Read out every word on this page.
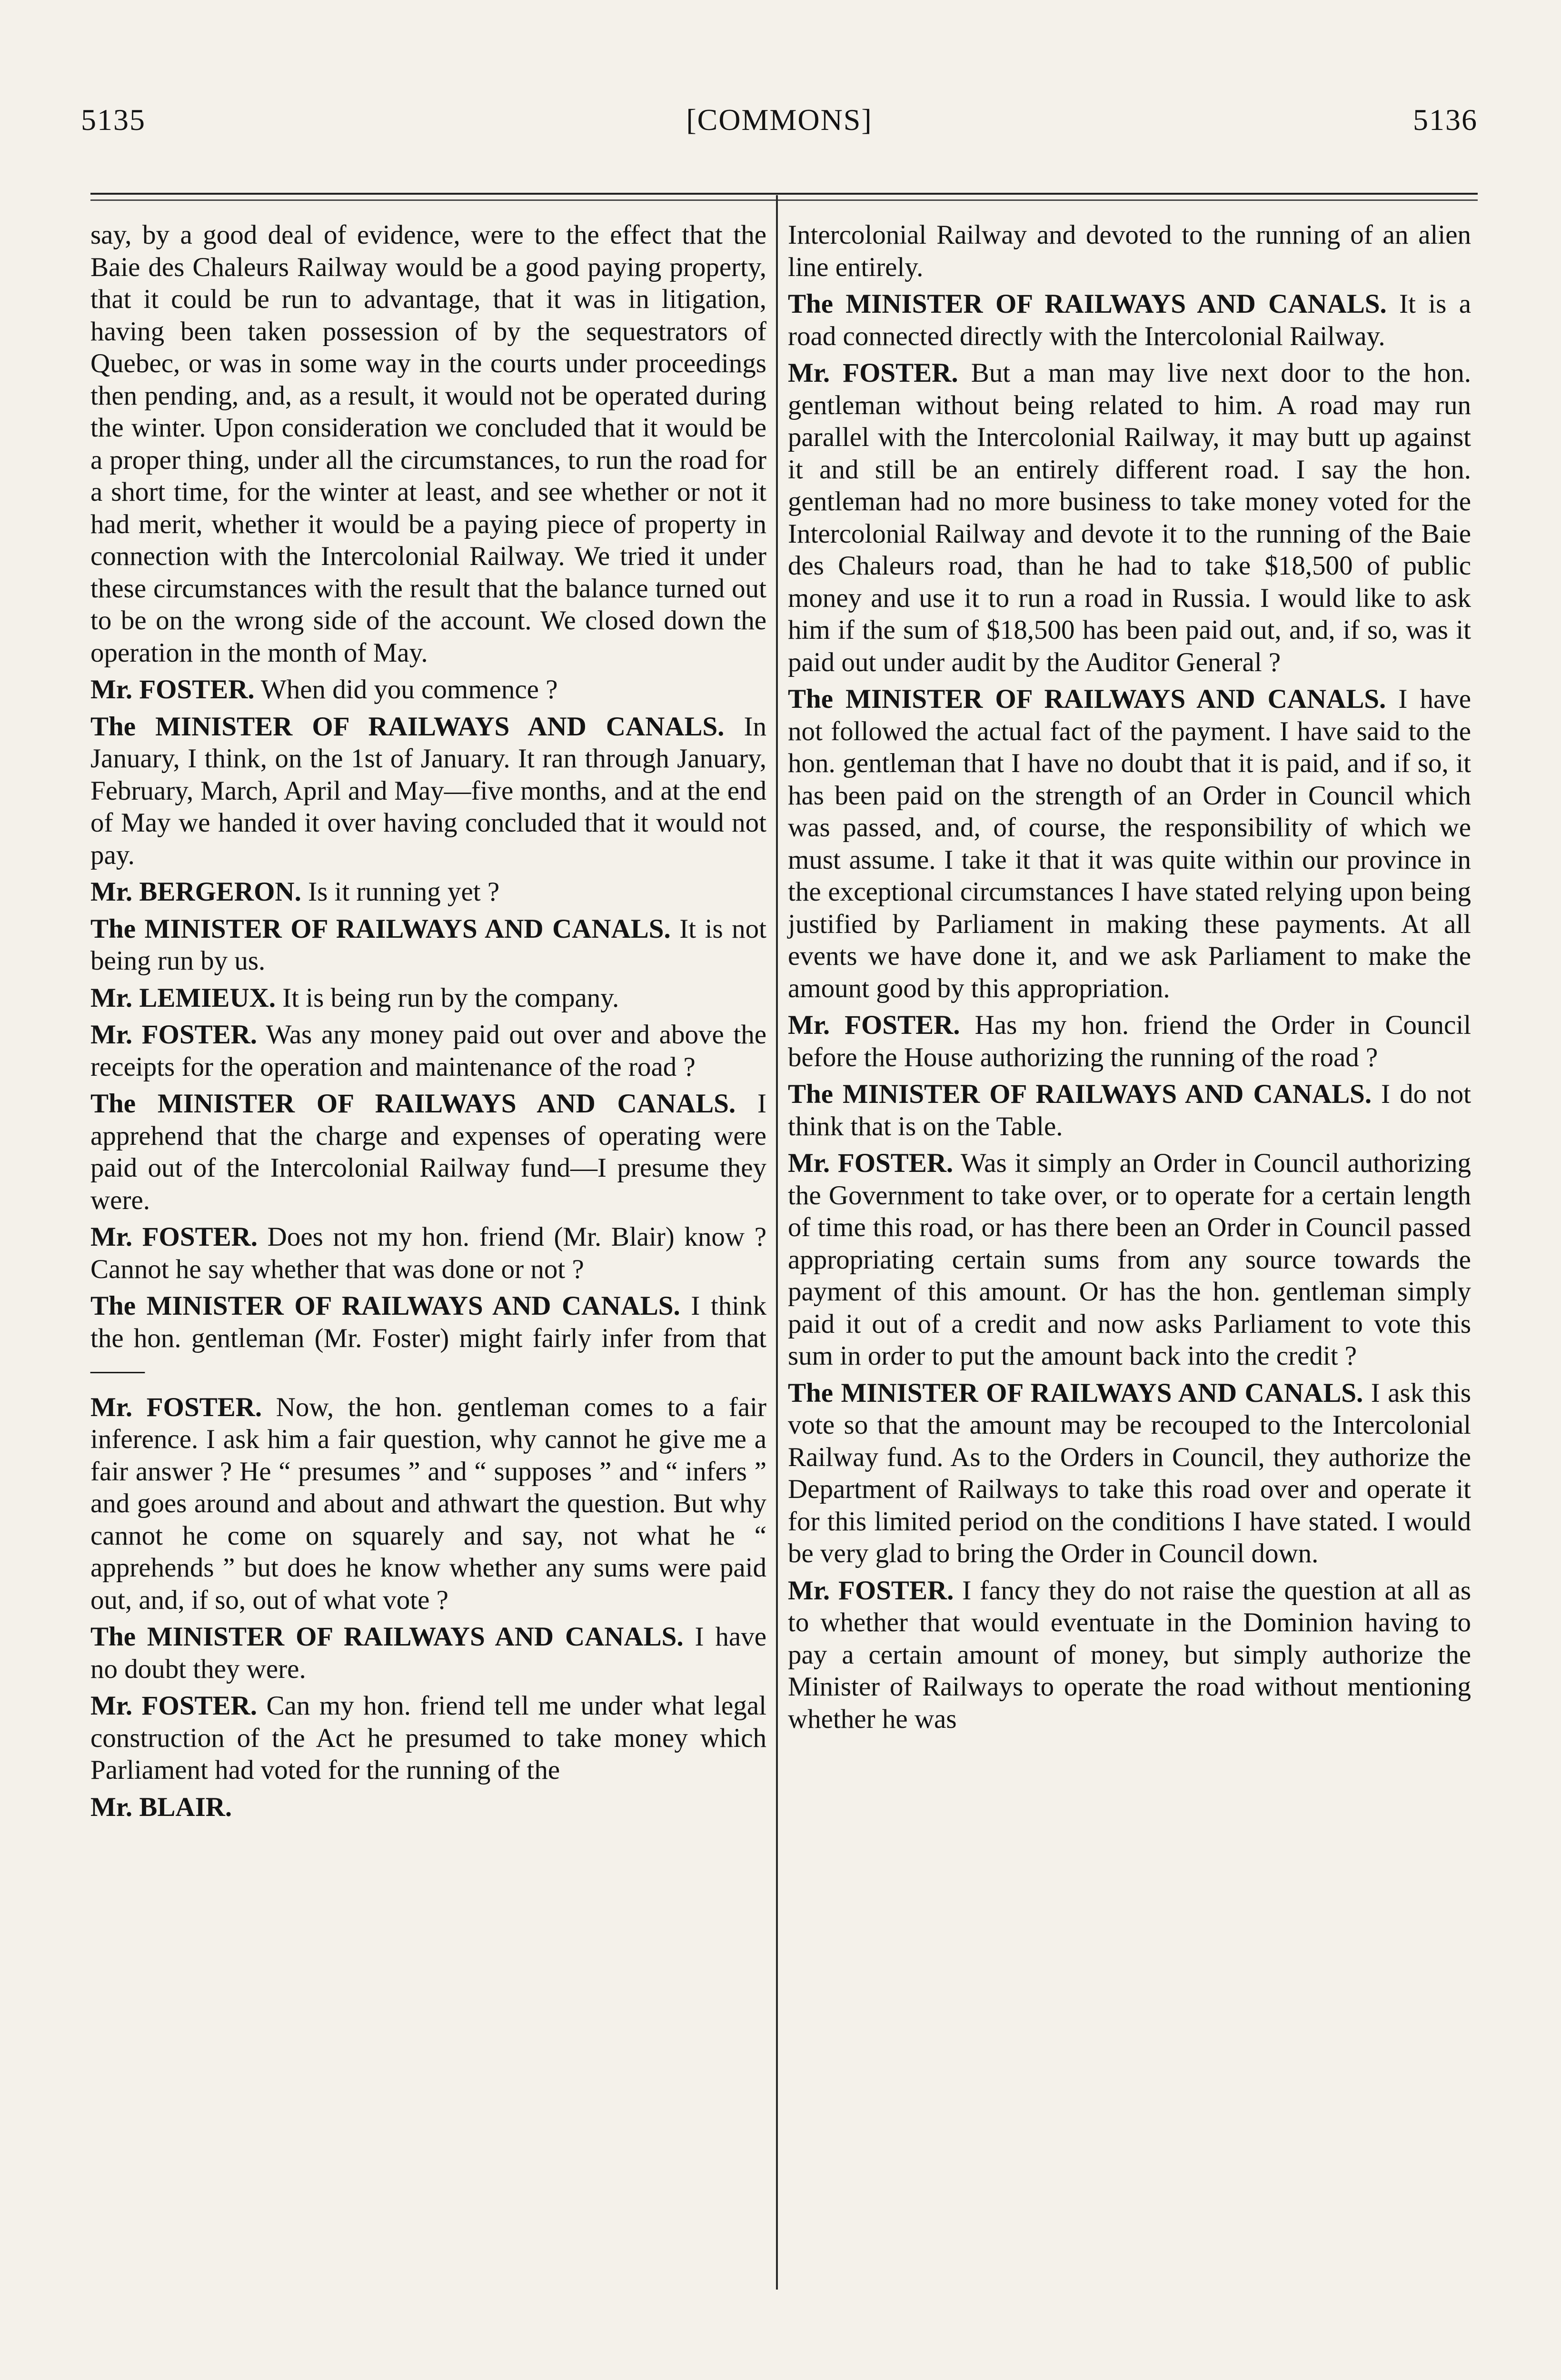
5135	[COMMONS]	5136

say, by a good deal of evidence, were to the effect that the Baie des Chaleurs Railway would be a good paying property, that it could be run to advantage, that it was in litigation, having been taken possession of by the sequestrators of Quebec, or was in some way in the courts under proceedings then pending, and, as a result, it would not be operated during the winter. Upon consideration we concluded that it would be a proper thing, under all the circumstances, to run the road for a short time, for the winter at least, and see whether or not it had merit, whether it would be a paying piece of property in connection with the Intercolonial Railway. We tried it under these circumstances with the result that the balance turned out to be on the wrong side of the account. We closed down the operation in the month of May.

Mr. FOSTER. When did you commence ?

The MINISTER OF RAILWAYS AND CANALS. In January, I think, on the 1st of January. It ran through January, February, March, April and May—five months, and at the end of May we handed it over having concluded that it would not pay.

Mr. BERGERON. Is it running yet ?

The MINISTER OF RAILWAYS AND CANALS. It is not being run by us.

Mr. LEMIEUX. It is being run by the company.

Mr. FOSTER. Was any money paid out over and above the receipts for the operation and maintenance of the road ?

The MINISTER OF RAILWAYS AND CANALS. I apprehend that the charge and expenses of operating were paid out of the Intercolonial Railway fund—I presume they were.

Mr. FOSTER. Does not my hon. friend (Mr. Blair) know ? Cannot he say whether that was done or not ?

The MINISTER OF RAILWAYS AND CANALS. I think the hon. gentleman (Mr. Foster) might fairly infer from that——

Mr. FOSTER. Now, the hon. gentleman comes to a fair inference. I ask him a fair question, why cannot he give me a fair answer ? He “ presumes ” and “ supposes ” and “ infers ” and goes around and about and athwart the question. But why cannot he come on squarely and say, not what he “ apprehends ” but does he know whether any sums were paid out, and, if so, out of what vote ?

The MINISTER OF RAILWAYS AND CANALS. I have no doubt they were.

Mr. FOSTER. Can my hon. friend tell me under what legal construction of the Act he presumed to take money which Parliament had voted for the running of the

Mr. BLAIR.

Intercolonial Railway and devoted to the running of an alien line entirely.

The MINISTER OF RAILWAYS AND CANALS. It is a road connected directly with the Intercolonial Railway.

Mr. FOSTER. But a man may live next door to the hon. gentleman without being related to him. A road may run parallel with the Intercolonial Railway, it may butt up against it and still be an entirely different road. I say the hon. gentleman had no more business to take money voted for the Intercolonial Railway and devote it to the running of the Baie des Chaleurs road, than he had to take $18,500 of public money and use it to run a road in Russia. I would like to ask him if the sum of $18,500 has been paid out, and, if so, was it paid out under audit by the Auditor General ?

The MINISTER OF RAILWAYS AND CANALS. I have not followed the actual fact of the payment. I have said to the hon. gentleman that I have no doubt that it is paid, and if so, it has been paid on the strength of an Order in Council which was passed, and, of course, the responsibility of which we must assume. I take it that it was quite within our province in the exceptional circumstances I have stated relying upon being justified by Parliament in making these payments. At all events we have done it, and we ask Parliament to make the amount good by this appropriation.

Mr. FOSTER. Has my hon. friend the Order in Council before the House authorizing the running of the road ?

The MINISTER OF RAILWAYS AND CANALS. I do not think that is on the Table.

Mr. FOSTER. Was it simply an Order in Council authorizing the Government to take over, or to operate for a certain length of time this road, or has there been an Order in Council passed appropriating certain sums from any source towards the payment of this amount. Or has the hon. gentleman simply paid it out of a credit and now asks Parliament to vote this sum in order to put the amount back into the credit ?

The MINISTER OF RAILWAYS AND CANALS. I ask this vote so that the amount may be recouped to the Intercolonial Railway fund. As to the Orders in Council, they authorize the Department of Railways to take this road over and operate it for this limited period on the conditions I have stated. I would be very glad to bring the Order in Council down.

Mr. FOSTER. I fancy they do not raise the question at all as to whether that would eventuate in the Dominion having to pay a certain amount of money, but simply authorize the Minister of Railways to operate the road without mentioning whether he was
